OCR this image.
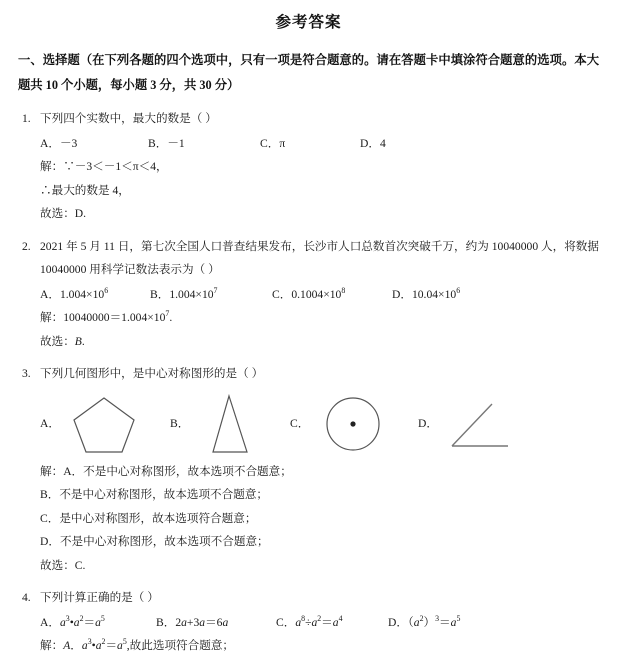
参考答案
一、选择题（在下列各题的四个选项中，只有一项是符合题意的。请在答题卡中填涂符合题意的选项。本大题共 10 个小题，每小题 3 分，共 30 分）
1. 下列四个实数中，最大的数是（ ）
A．－3	B．－1	C．π	D．4
解：∵－3＜－1＜π＜4，
∴最大的数是 4，
故选：D.
2. 2021 年 5 月 11 日，第七次全国人口普查结果发布，长沙市人口总数首次突破千万，约为 10040000 人，将数据 10040000 用科学记数法表示为（ ）
A．$1.004\times 10^6$	B．$1.004\times 10^7$	C．$0.1004\times 10^8$	D．$10.04\times 10^6$
解：$10040000=1.004\times 10^7$.
故选：B.
3. 下列几何图形中，是中心对称图形的是（ ）
A．	B．	C．	D．
解：A．不是中心对称图形，故本选项不合题意；
B．不是中心对称图形，故本选项不合题意；
C．是中心对称图形，故本选项符合题意；
D．不是中心对称图形，故本选项不合题意；
故选：C.
4. 下列计算正确的是（ ）
A．$a^3•a^2=a^5$	B．2a+3a＝6a	C．$a^8\div a^2=a^4$	D．$(a^2)^3=a^5$
解：A．$a^3•a^2=a^5$,故此选项符合题意；
